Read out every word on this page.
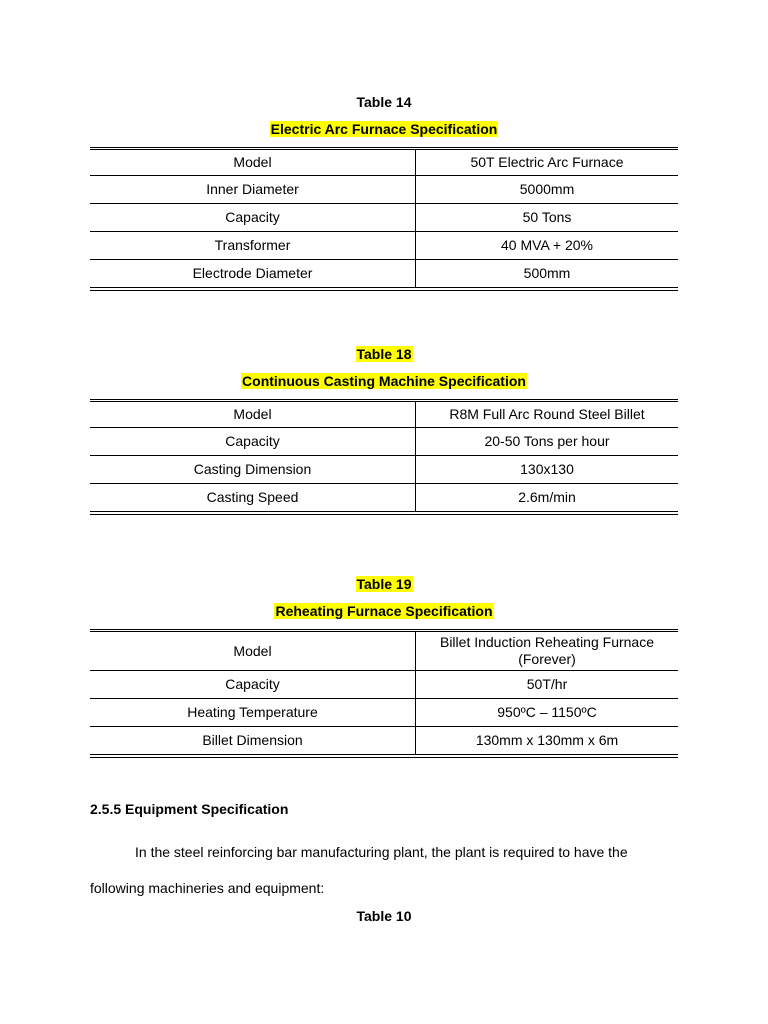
Table 14
Electric Arc Furnace Specification
Model	50T Electric Arc Furnace
Inner Diameter	5000mm
Capacity	50 Tons
Transformer	40 MVA + 20%
Electrode Diameter	500mm
Table 18
Continuous Casting Machine Specification
Model	R8M Full Arc Round Steel Billet
Capacity	20-50 Tons per hour
Casting Dimension	130x130
Casting Speed	2.6m/min
Table 19
Reheating Furnace Specification
Model	Billet Induction Reheating Furnace (Forever)
Capacity	50T/hr
Heating Temperature	950ºC – 1150ºC
Billet Dimension	130mm x 130mm x 6m
2.5.5 Equipment Specification
In the steel reinforcing bar manufacturing plant, the plant is required to have the following machineries and equipment:
Table 10
